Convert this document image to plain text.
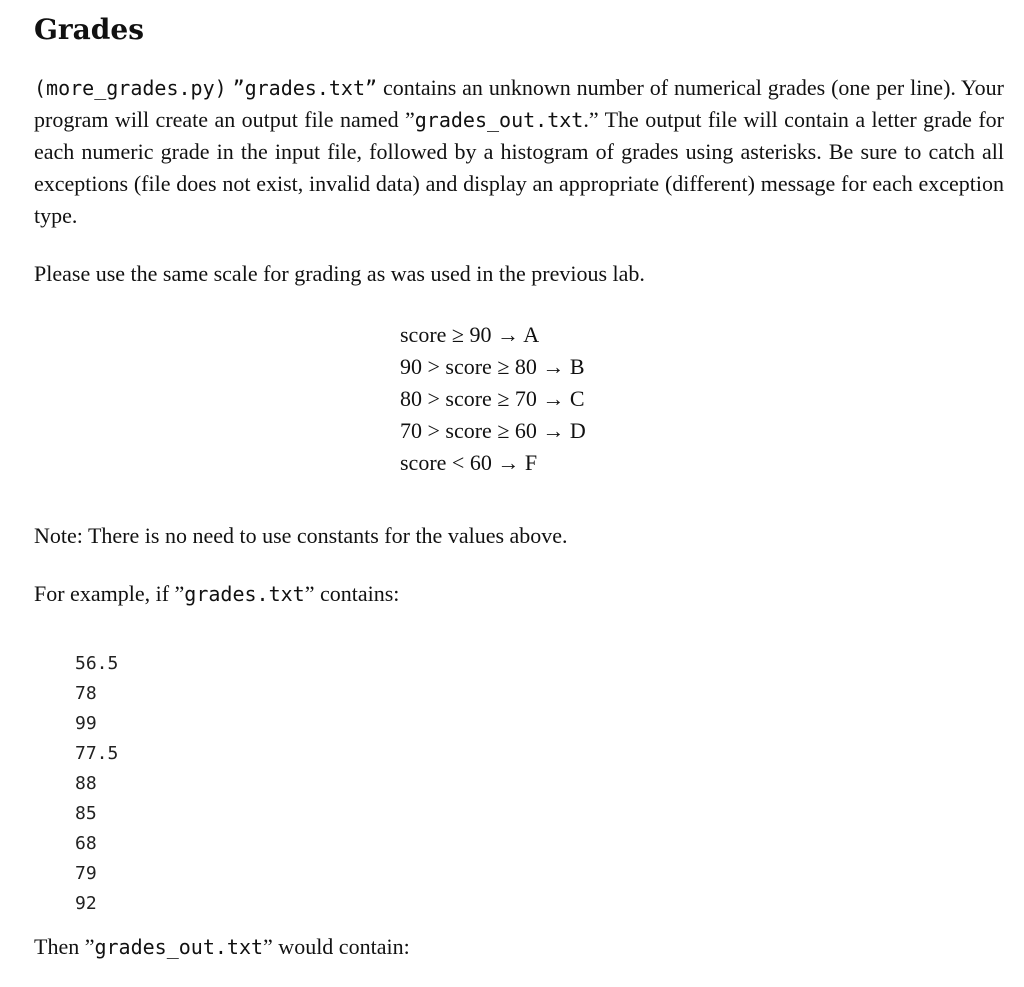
Grades

(more_grades.py) ”grades.txt” contains an unknown number of numerical grades (one per line). Your program will create an output file named ”grades_out.txt.” The output file will contain a letter grade for each numeric grade in the input file, followed by a histogram of grades using asterisks. Be sure to catch all exceptions (file does not exist, invalid data) and display an appropriate (different) message for each exception type.

Please use the same scale for grading as was used in the previous lab.

score ≥ 90 → A
90 > score ≥ 80 → B
80 > score ≥ 70 → C
70 > score ≥ 60 → D
score < 60 → F

Note: There is no need to use constants for the values above.

For example, if ”grades.txt” contains:

56.5
78
99
77.5
88
85
68
79
92

Then ”grades_out.txt” would contain:
